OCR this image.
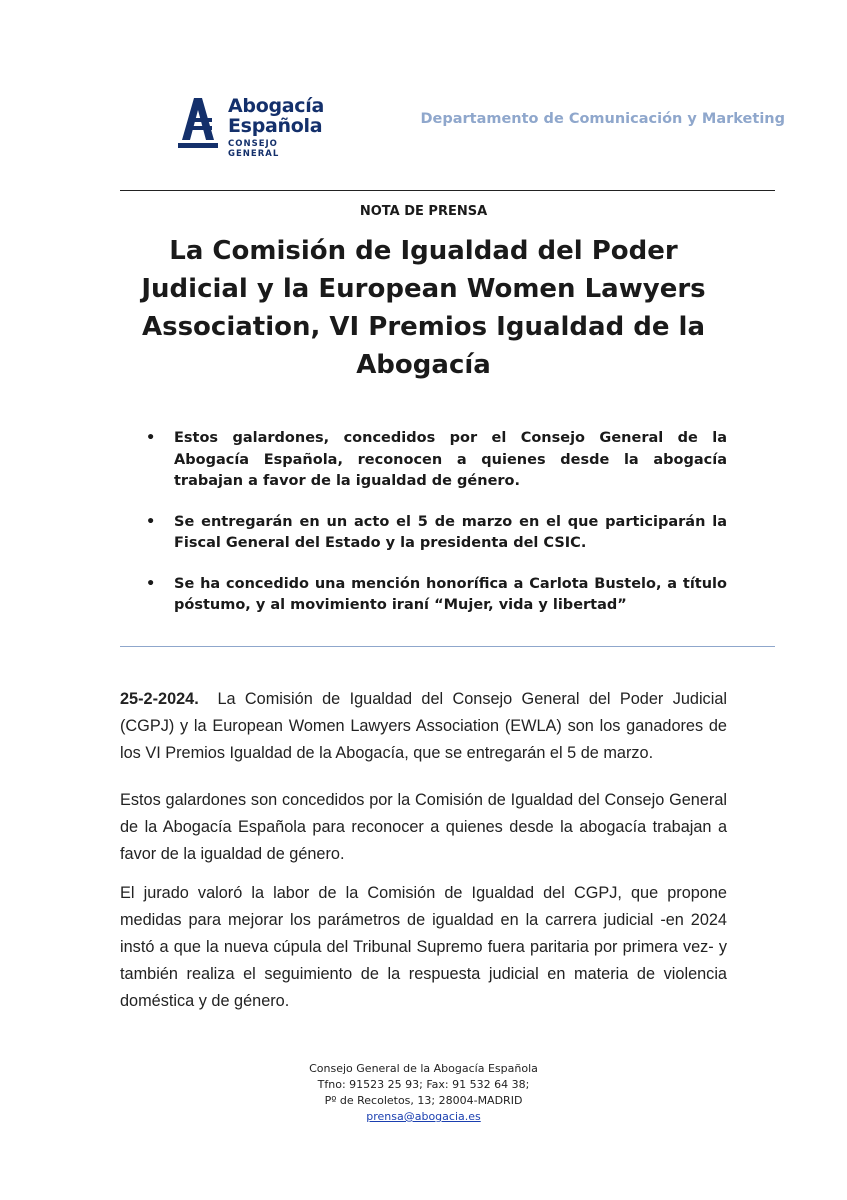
Abogacía
Española
CONSEJO GENERAL
Departamento de Comunicación y Marketing
NOTA DE PRENSA
La Comisión de Igualdad del Poder Judicial y la European Women Lawyers Association, VI Premios Igualdad de la Abogacía
• Estos galardones, concedidos por el Consejo General de la Abogacía Española, reconocen a quienes desde la abogacía trabajan a favor de la igualdad de género.
• Se entregarán en un acto el 5 de marzo en el que participarán la Fiscal General del Estado y la presidenta del CSIC.
• Se ha concedido una mención honorífica a Carlota Bustelo, a título póstumo, y al movimiento iraní “Mujer, vida y libertad”

25-2-2024. La Comisión de Igualdad del Consejo General del Poder Judicial (CGPJ) y la European Women Lawyers Association (EWLA) son los ganadores de los VI Premios Igualdad de la Abogacía, que se entregarán el 5 de marzo.

Estos galardones son concedidos por la Comisión de Igualdad del Consejo General de la Abogacía Española para reconocer a quienes desde la abogacía trabajan a favor de la igualdad de género.

El jurado valoró la labor de la Comisión de Igualdad del CGPJ, que propone medidas para mejorar los parámetros de igualdad en la carrera judicial -en 2024 instó a que la nueva cúpula del Tribunal Supremo fuera paritaria por primera vez- y también realiza el seguimiento de la respuesta judicial en materia de violencia doméstica y de género.

Consejo General de la Abogacía Española
Tfno: 91523 25 93; Fax: 91 532 64 38;
Pº de Recoletos, 13; 28004-MADRID
prensa@abogacia.es
